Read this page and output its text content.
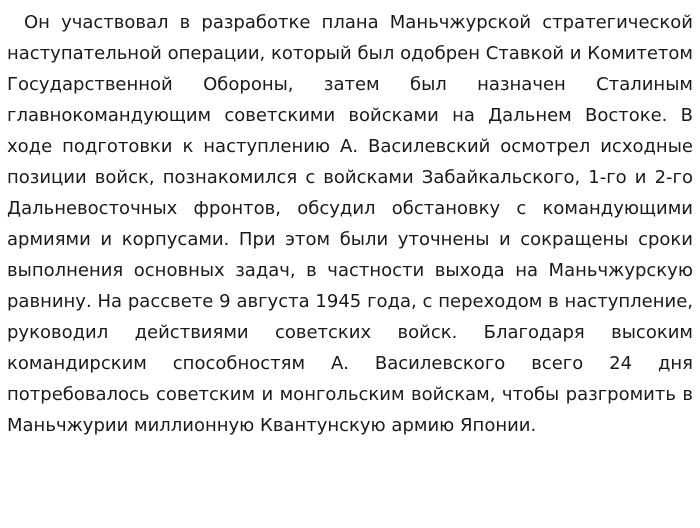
Он участвовал в разработке плана Маньчжурской стратегической наступательной операции, который был одобрен Ставкой и Комитетом Государственной Обороны, затем был назначен Сталиным главнокомандующим советскими войсками на Дальнем Востоке. В ходе подготовки к наступлению А. Василевский осмотрел исходные позиции войск, познакомился с войсками Забайкальского, 1-го и 2-го Дальневосточных фронтов, обсудил обстановку с командующими армиями и корпусами. При этом были уточнены и сокращены сроки выполнения основных задач, в частности выхода на Маньчжурскую равнину. На рассвете 9 августа 1945 года, с переходом в наступление, руководил действиями советских войск. Благодаря высоким командирским способностям А. Василевского всего 24 дня потребовалось советским и монгольским войскам, чтобы разгромить в Маньчжурии миллионную Квантунскую армию Японии.
